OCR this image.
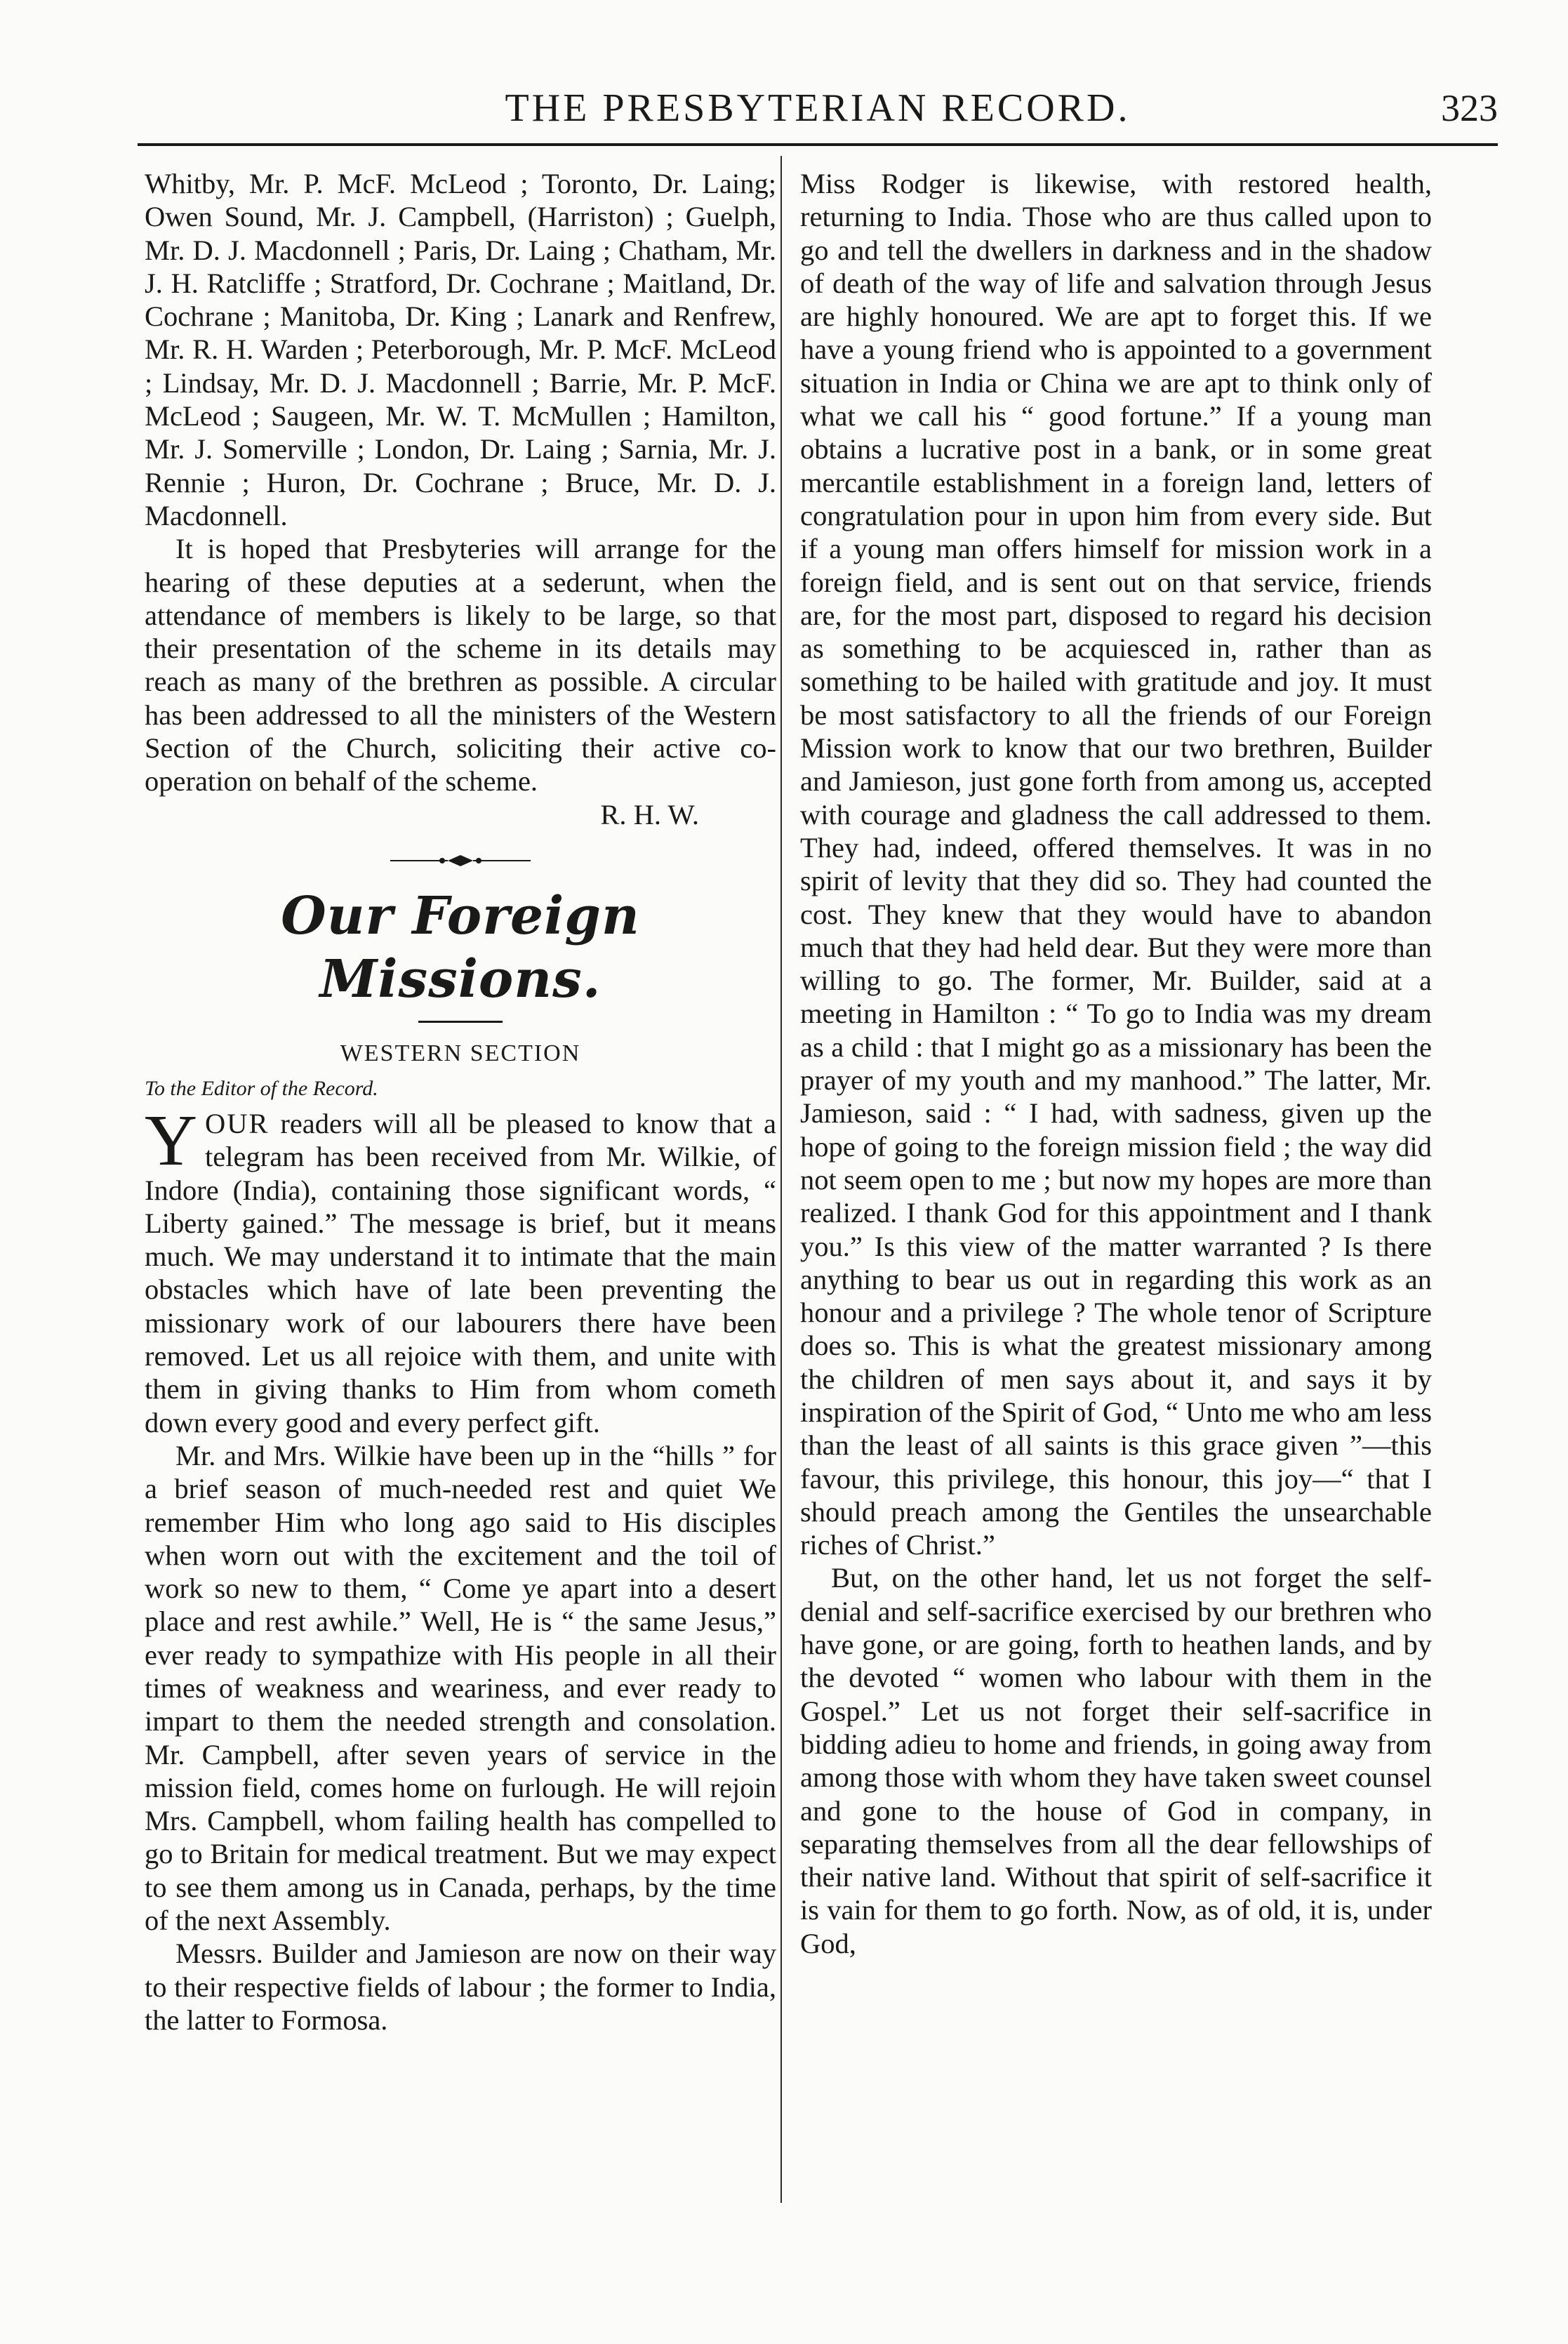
THE PRESBYTERIAN RECORD.	323

Whitby, Mr. P. McF. McLeod ; Toronto, Dr. Laing; Owen Sound, Mr. J. Campbell, (Harriston) ; Guelph, Mr. D. J. Macdonnell ; Paris, Dr. Laing ; Chatham, Mr. J. H. Ratcliffe ; Stratford, Dr. Cochrane ; Maitland, Dr. Cochrane ; Manitoba, Dr. King ; Lanark and Renfrew, Mr. R. H. Warden ; Peterborough, Mr. P. McF. McLeod ; Lindsay, Mr. D. J. Macdonnell ; Barrie, Mr. P. McF. McLeod ; Saugeen, Mr. W. T. McMullen ; Hamilton, Mr. J. Somerville ; London, Dr. Laing ; Sarnia, Mr. J. Rennie ; Huron, Dr. Cochrane ; Bruce, Mr. D. J. Macdonnell.

It is hoped that Presbyteries will arrange for the hearing of these deputies at a sederunt, when the attendance of members is likely to be large, so that their presentation of the scheme in its details may reach as many of the brethren as possible. A circular has been addressed to all the ministers of the Western Section of the Church, soliciting their active co-operation on behalf of the scheme.

R. H. W.

Our Foreign Missions.
WESTERN SECTION
To the Editor of the Record.

YOUR readers will all be pleased to know that a telegram has been received from Mr. Wilkie, of Indore (India), containing those significant words, “ Liberty gained.” The message is brief, but it means much. We may understand it to intimate that the main obstacles which have of late been preventing the missionary work of our labourers there have been removed. Let us all rejoice with them, and unite with them in giving thanks to Him from whom cometh down every good and every perfect gift.

Mr. and Mrs. Wilkie have been up in the “hills ” for a brief season of much-needed rest and quiet We remember Him who long ago said to His disciples when worn out with the excitement and the toil of work so new to them, “ Come ye apart into a desert place and rest awhile.” Well, He is “ the same Jesus,” ever ready to sympathize with His people in all their times of weakness and weariness, and ever ready to impart to them the needed strength and consolation. Mr. Campbell, after seven years of service in the mission field, comes home on furlough. He will rejoin Mrs. Campbell, whom failing health has compelled to go to Britain for medical treatment. But we may expect to see them among us in Canada, perhaps, by the time of the next Assembly.

Messrs. Builder and Jamieson are now on their way to their respective fields of labour ; the former to India, the latter to Formosa.

Miss Rodger is likewise, with restored health, returning to India. Those who are thus called upon to go and tell the dwellers in darkness and in the shadow of death of the way of life and salvation through Jesus are highly honoured. We are apt to forget this. If we have a young friend who is appointed to a government situation in India or China we are apt to think only of what we call his “ good fortune.” If a young man obtains a lucrative post in a bank, or in some great mercantile establishment in a foreign land, letters of congratulation pour in upon him from every side. But if a young man offers himself for mission work in a foreign field, and is sent out on that service, friends are, for the most part, disposed to regard his decision as something to be acquiesced in, rather than as something to be hailed with gratitude and joy. It must be most satisfactory to all the friends of our Foreign Mission work to know that our two brethren, Builder and Jamieson, just gone forth from among us, accepted with courage and gladness the call addressed to them. They had, indeed, offered themselves. It was in no spirit of levity that they did so. They had counted the cost. They knew that they would have to abandon much that they had held dear. But they were more than willing to go. The former, Mr. Builder, said at a meeting in Hamilton : “ To go to India was my dream as a child : that I might go as a missionary has been the prayer of my youth and my manhood.” The latter, Mr. Jamieson, said : “ I had, with sadness, given up the hope of going to the foreign mission field ; the way did not seem open to me ; but now my hopes are more than realized. I thank God for this appointment and I thank you.” Is this view of the matter warranted ? Is there anything to bear us out in regarding this work as an honour and a privilege ? The whole tenor of Scripture does so. This is what the greatest missionary among the children of men says about it, and says it by inspiration of the Spirit of God, “ Unto me who am less than the least of all saints is this grace given ”—this favour, this privilege, this honour, this joy—“ that I should preach among the Gentiles the unsearchable riches of Christ.”

But, on the other hand, let us not forget the self-denial and self-sacrifice exercised by our brethren who have gone, or are going, forth to heathen lands, and by the devoted “ women who labour with them in the Gospel.” Let us not forget their self-sacrifice in bidding adieu to home and friends, in going away from among those with whom they have taken sweet counsel and gone to the house of God in company, in separating themselves from all the dear fellowships of their native land. Without that spirit of self-sacrifice it is vain for them to go forth. Now, as of old, it is, under God,
